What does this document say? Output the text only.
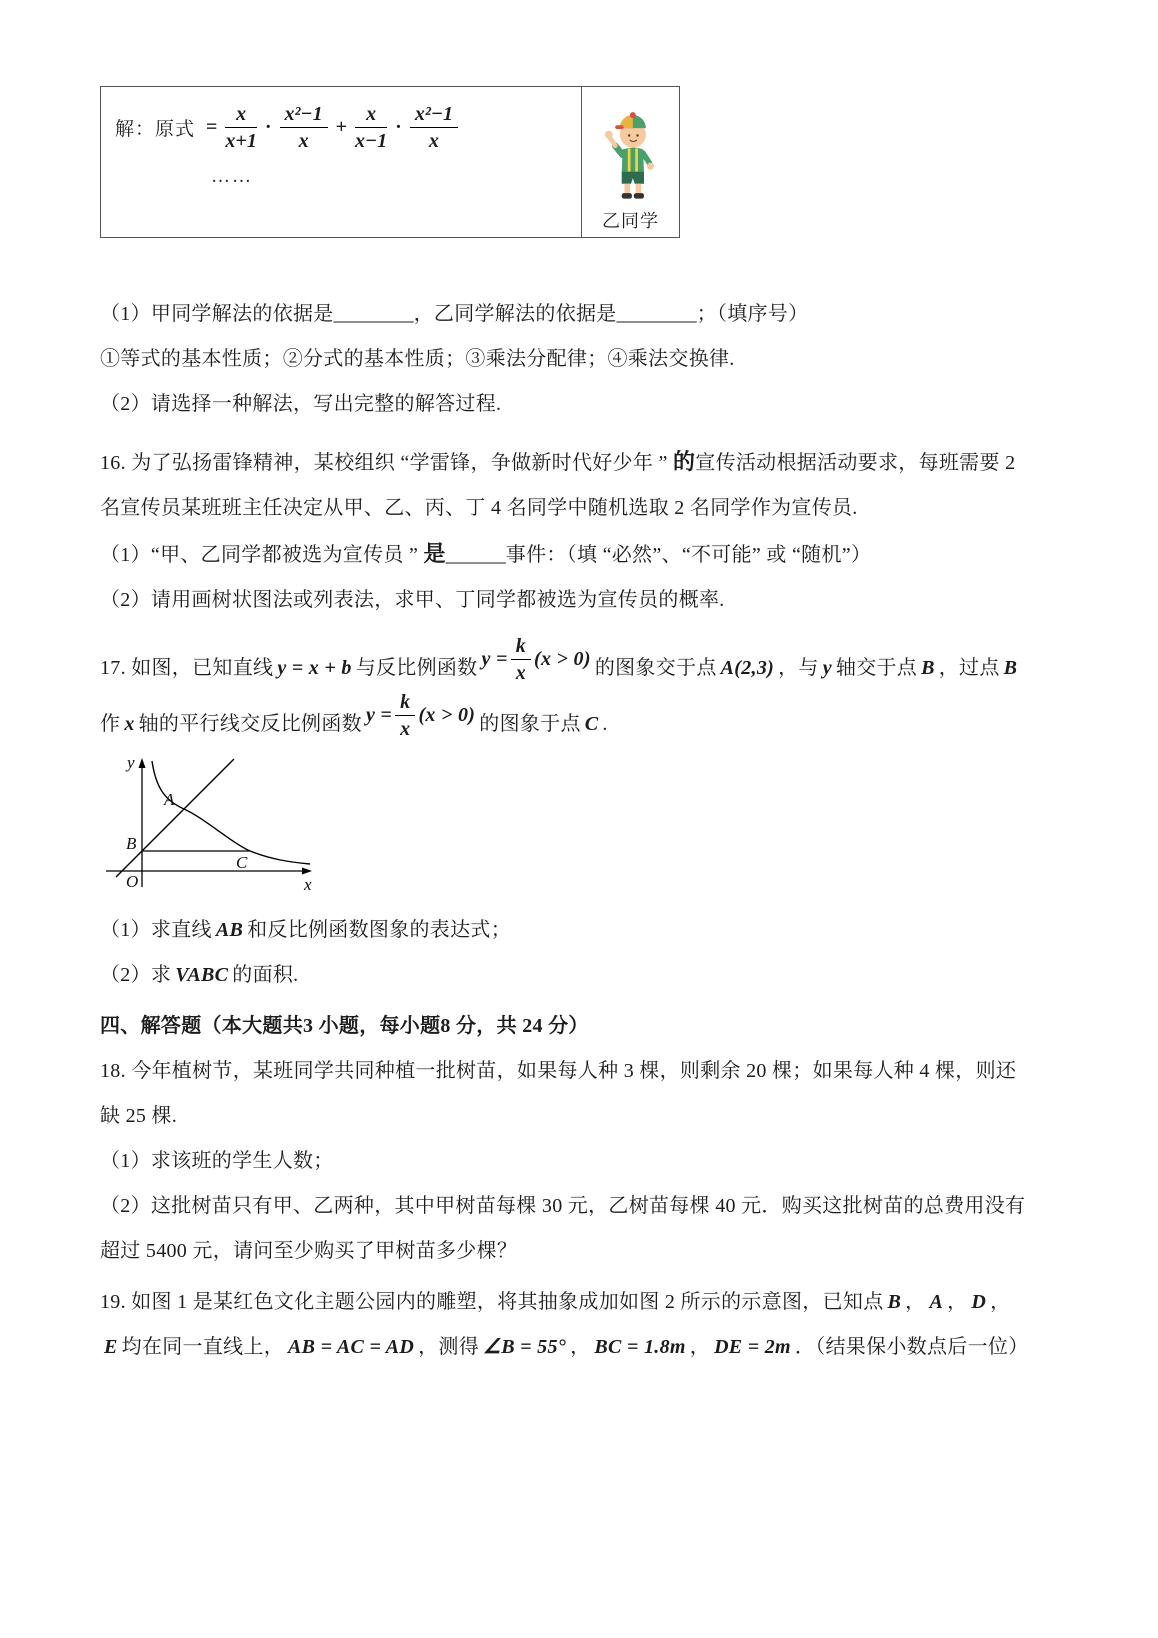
解：原式 = $\frac{x}{x+1} \cdot \frac{\text{x²−1}}{x} + \frac{x}{x-1} \cdot \frac{\text{x²−1}}{x}$
……
乙同学

（1）甲同学解法的依据是________，乙同学解法的依据是________；（填序号）

①等式的基本性质；②分式的基本性质；③乘法分配律；④乘法交换律.

（2）请选择一种解法，写出完整的解答过程.

16. 为了弘扬雷锋精神，某校组织 “学雷锋，争做新时代好少年 ” 的宣传活动根据活动要求，每班需要 2

名宣传员某班班主任决定从甲、乙、丙、丁 4 名同学中随机选取 2 名同学作为宣传员.

（1）“甲、乙同学都被选为宣传员 ” 是______事件：（填 “必然”、“不可能” 或 “随机”）

（2）请用画树状图法或列表法，求甲、丁同学都被选为宣传员的概率.

17. 如图，已知直线 y = x + b 与反比例函数 $y = \frac{k}{x} (x > 0)$ 的图象交于点 A(2,3) ，与 y 轴交于点 B ，过点 B

作 x 轴的平行线交反比例函数 $y = \frac{k}{x} (x > 0)$ 的图象于点 C .

y
x
O
A
B
C

（1）求直线 AB 和反比例函数图象的表达式；

（2）求 VABC 的面积.

四、解答题（本大题共3 小题，每小题8 分，共 24 分）

18. 今年植树节，某班同学共同种植一批树苗，如果每人种 3 棵，则剩余 20 棵；如果每人种 4 棵，则还

缺 25 棵.

（1）求该班的学生人数；

（2）这批树苗只有甲、乙两种，其中甲树苗每棵 30 元，乙树苗每棵 40 元．购买这批树苗的总费用没有

超过 5400 元，请问至少购买了甲树苗多少棵？

19. 如图 1 是某红色文化主题公园内的雕塑，将其抽象成加如图 2 所示的示意图，已知点 B ， A ， D ，

E 均在同一直线上， AB = AC = AD ，测得 ∠B = 55° ， BC = 1.8m ， DE = 2m ．（结果保小数点后一位）
